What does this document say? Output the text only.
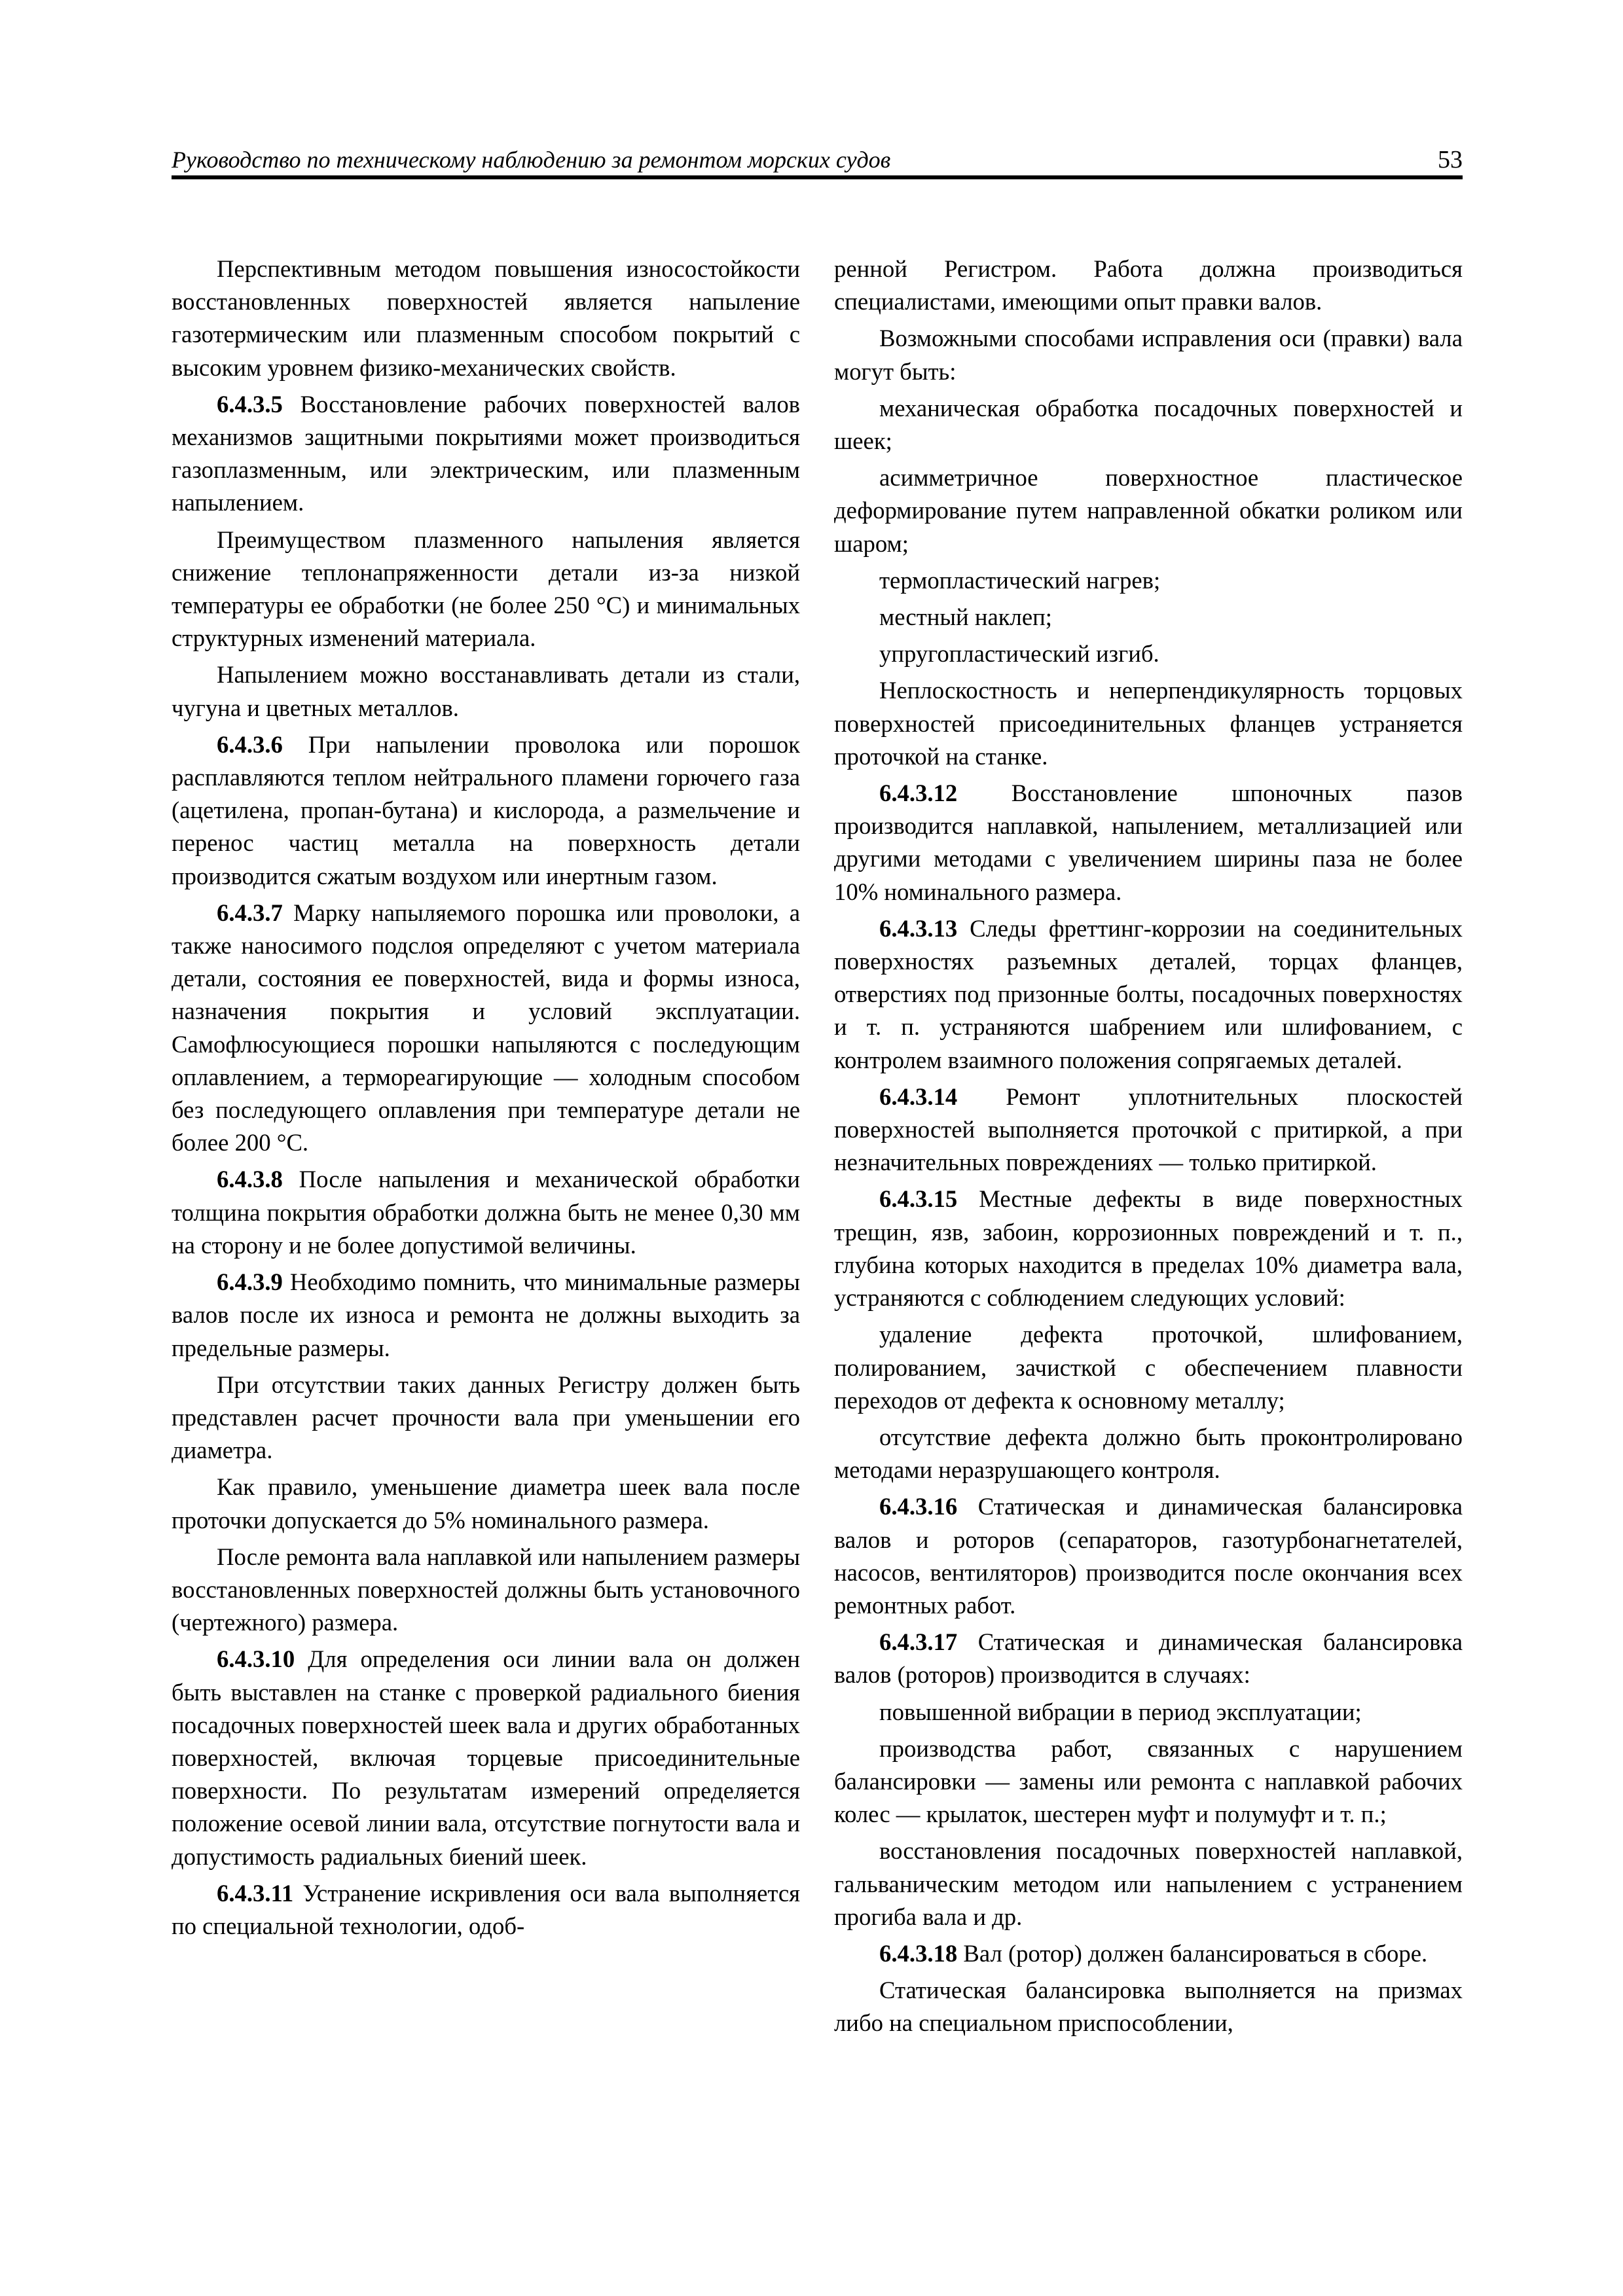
Руководство по техническому наблюдению за ремонтом морских судов	53

Перспективным методом повышения износостойкости восстановленных поверхностей является напыление газотермическим или плазменным способом покрытий с высоким уровнем физико-механических свойств.

6.4.3.5 Восстановление рабочих поверхностей валов механизмов защитными покрытиями может производиться газоплазменным, или электрическим, или плазменным напылением.

Преимуществом плазменного напыления является снижение теплонапряженности детали из-за низкой температуры ее обработки (не более 250 °С) и минимальных структурных изменений материала.

Напылением можно восстанавливать детали из стали, чугуна и цветных металлов.

6.4.3.6 При напылении проволока или порошок расплавляются теплом нейтрального пламени горючего газа (ацетилена, пропан-бутана) и кислорода, а размельчение и перенос частиц металла на поверхность детали производится сжатым воздухом или инертным газом.

6.4.3.7 Марку напыляемого порошка или проволоки, а также наносимого подслоя определяют с учетом материала детали, состояния ее поверхностей, вида и формы износа, назначения покрытия и условий эксплуатации. Самофлюсующиеся порошки напыляются с последующим оплавлением, а термореагирующие — холодным способом без последующего оплавления при температуре детали не более 200 °С.

6.4.3.8 После напыления и механической обработки толщина покрытия обработки должна быть не менее 0,30 мм на сторону и не более допустимой величины.

6.4.3.9 Необходимо помнить, что минимальные размеры валов после их износа и ремонта не должны выходить за предельные размеры.

При отсутствии таких данных Регистру должен быть представлен расчет прочности вала при уменьшении его диаметра.

Как правило, уменьшение диаметра шеек вала после проточки допускается до 5% номинального размера.

После ремонта вала наплавкой или напылением размеры восстановленных поверхностей должны быть установочного (чертежного) размера.

6.4.3.10 Для определения оси линии вала он должен быть выставлен на станке с проверкой радиального биения посадочных поверхностей шеек вала и других обработанных поверхностей, включая торцевые присоединительные поверхности. По результатам измерений определяется положение осевой линии вала, отсутствие погнутости вала и допустимость радиальных биений шеек.

6.4.3.11 Устранение искривления оси вала выполняется по специальной технологии, одоб-

ренной Регистром. Работа должна производиться специалистами, имеющими опыт правки валов.

Возможными способами исправления оси (правки) вала могут быть:

механическая обработка посадочных поверхностей и шеек;

асимметричное поверхностное пластическое деформирование путем направленной обкатки роликом или шаром;

термопластический нагрев;

местный наклеп;

упругопластический изгиб.

Неплоскостность и неперпендикулярность торцовых поверхностей присоединительных фланцев устраняется проточкой на станке.

6.4.3.12 Восстановление шпоночных пазов производится наплавкой, напылением, металлизацией или другими методами с увеличением ширины паза не более 10% номинального размера.

6.4.3.13 Следы фреттинг-коррозии на соединительных поверхностях разъемных деталей, торцах фланцев, отверстиях под призонные болты, посадочных поверхностях и т. п. устраняются шабрением или шлифованием, с контролем взаимного положения сопрягаемых деталей.

6.4.3.14 Ремонт уплотнительных плоскостей поверхностей выполняется проточкой с притиркой, а при незначительных повреждениях — только притиркой.

6.4.3.15 Местные дефекты в виде поверхностных трещин, язв, забоин, коррозионных повреждений и т. п., глубина которых находится в пределах 10% диаметра вала, устраняются с соблюдением следующих условий:

удаление дефекта проточкой, шлифованием, полированием, зачисткой с обеспечением плавности переходов от дефекта к основному металлу;

отсутствие дефекта должно быть проконтролировано методами неразрушающего контроля.

6.4.3.16 Статическая и динамическая балансировка валов и роторов (сепараторов, газотурбонагнетателей, насосов, вентиляторов) производится после окончания всех ремонтных работ.

6.4.3.17 Статическая и динамическая балансировка валов (роторов) производится в случаях:

повышенной вибрации в период эксплуатации;

производства работ, связанных с нарушением балансировки — замены или ремонта с наплавкой рабочих колес — крылаток, шестерен муфт и полумуфт и т. п.;

восстановления посадочных поверхностей наплавкой, гальваническим методом или напылением с устранением прогиба вала и др.

6.4.3.18 Вал (ротор) должен балансироваться в сборе.

Статическая балансировка выполняется на призмах либо на специальном приспособлении,
